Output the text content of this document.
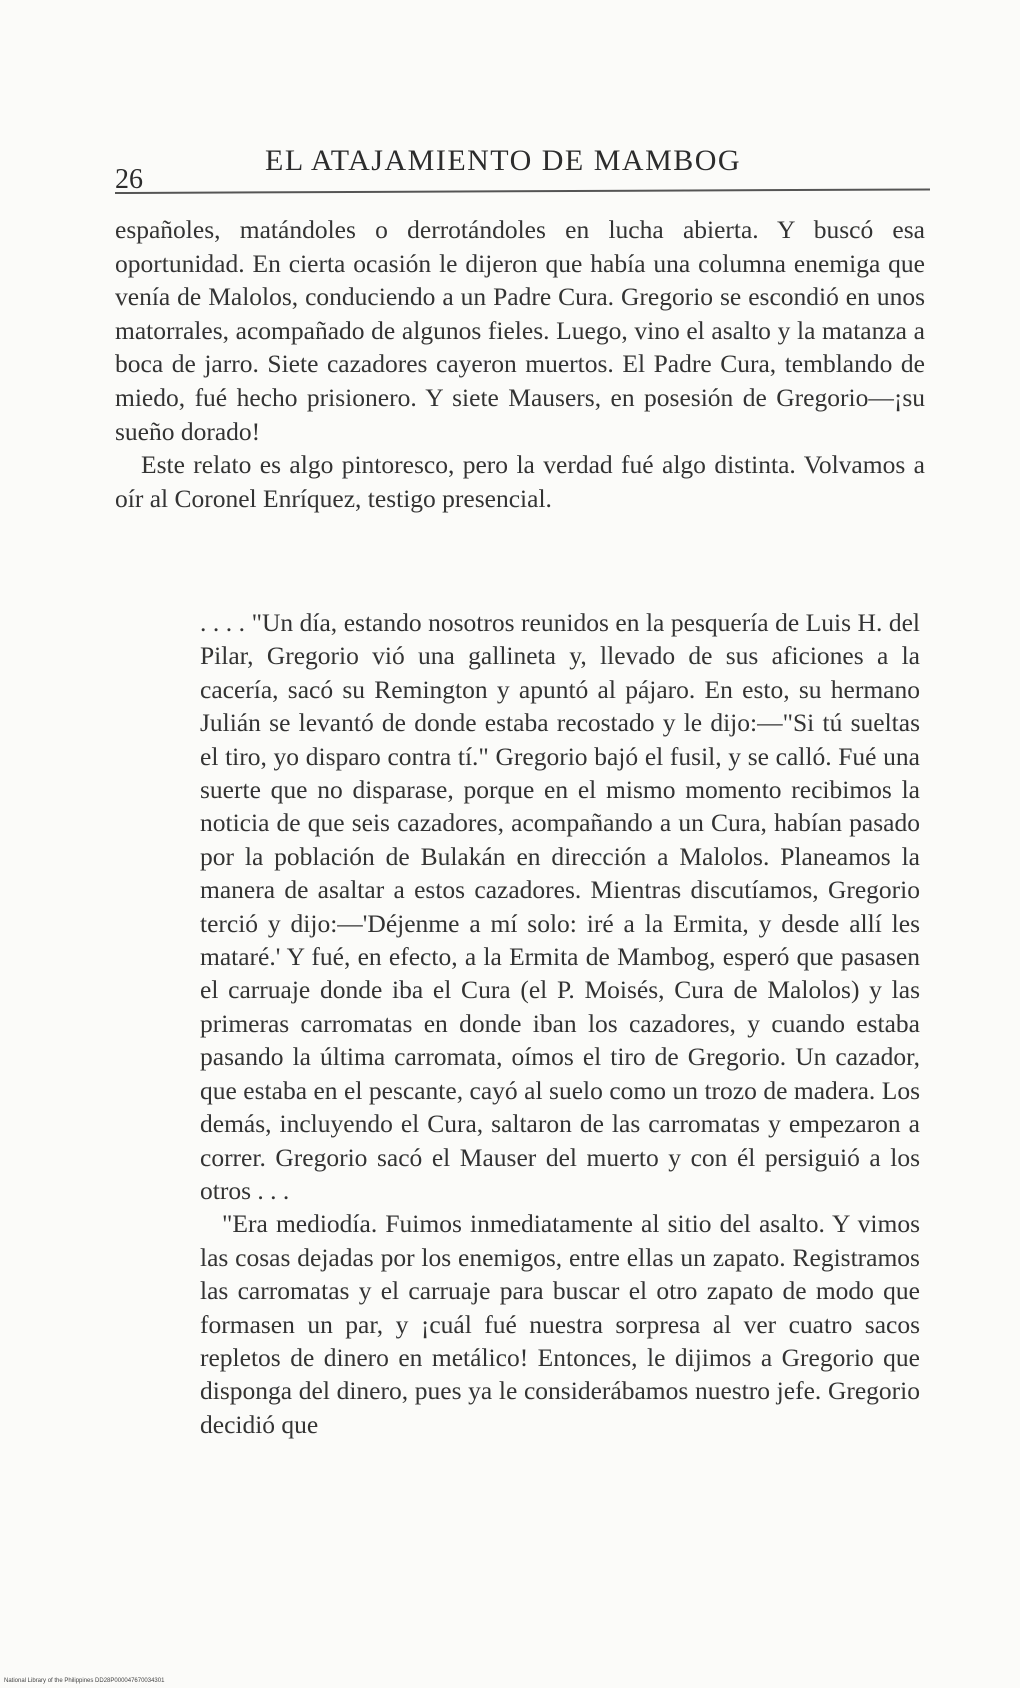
26
EL ATAJAMIENTO DE MAMBOG

españoles, matándoles o derrotándoles en lucha abierta. Y buscó esa oportunidad. En cierta ocasión le dijeron que había una columna enemiga que venía de Malolos, conduciendo a un Padre Cura. Gregorio se escondió en unos matorrales, acompañado de algunos fieles. Luego, vino el asalto y la matanza a boca de jarro. Siete cazadores cayeron muertos. El Padre Cura, temblando de miedo, fué hecho prisionero. Y siete Mausers, en posesión de Gregorio—¡su sueño dorado!

Este relato es algo pintoresco, pero la verdad fué algo distinta. Volvamos a oír al Coronel Enríquez, testigo presencial.

. . . . "Un día, estando nosotros reunidos en la pesquería de Luis H. del Pilar, Gregorio vió una gallineta y, llevado de sus aficiones a la cacería, sacó su Remington y apuntó al pájaro. En esto, su hermano Julián se levantó de donde estaba recostado y le dijo:—"Si tú sueltas el tiro, yo disparo contra tí." Gregorio bajó el fusil, y se calló. Fué una suerte que no disparase, porque en el mismo momento recibimos la noticia de que seis cazadores, acompañando a un Cura, habían pasado por la población de Bulakán en dirección a Malolos. Planeamos la manera de asaltar a estos cazadores. Mientras discutíamos, Gregorio terció y dijo:—'Déjenme a mí solo: iré a la Ermita, y desde allí les mataré.' Y fué, en efecto, a la Ermita de Mambog, esperó que pasasen el carruaje donde iba el Cura (el P. Moisés, Cura de Malolos) y las primeras carromatas en donde iban los cazadores, y cuando estaba pasando la última carromata, oímos el tiro de Gregorio. Un cazador, que estaba en el pescante, cayó al suelo como un trozo de madera. Los demás, incluyendo el Cura, saltaron de las carromatas y empezaron a correr. Gregorio sacó el Mauser del muerto y con él persiguió a los otros . . .

"Era mediodía. Fuimos inmediatamente al sitio del asalto. Y vimos las cosas dejadas por los enemigos, entre ellas un zapato. Registramos las carromatas y el carruaje para buscar el otro zapato de modo que formasen un par, y ¡cuál fué nuestra sorpresa al ver cuatro sacos repletos de dinero en metálico! Entonces, le dijimos a Gregorio que disponga del dinero, pues ya le considerábamos nuestro jefe. Gregorio decidió que

National Library of the Philippines DD28P000047670034301
